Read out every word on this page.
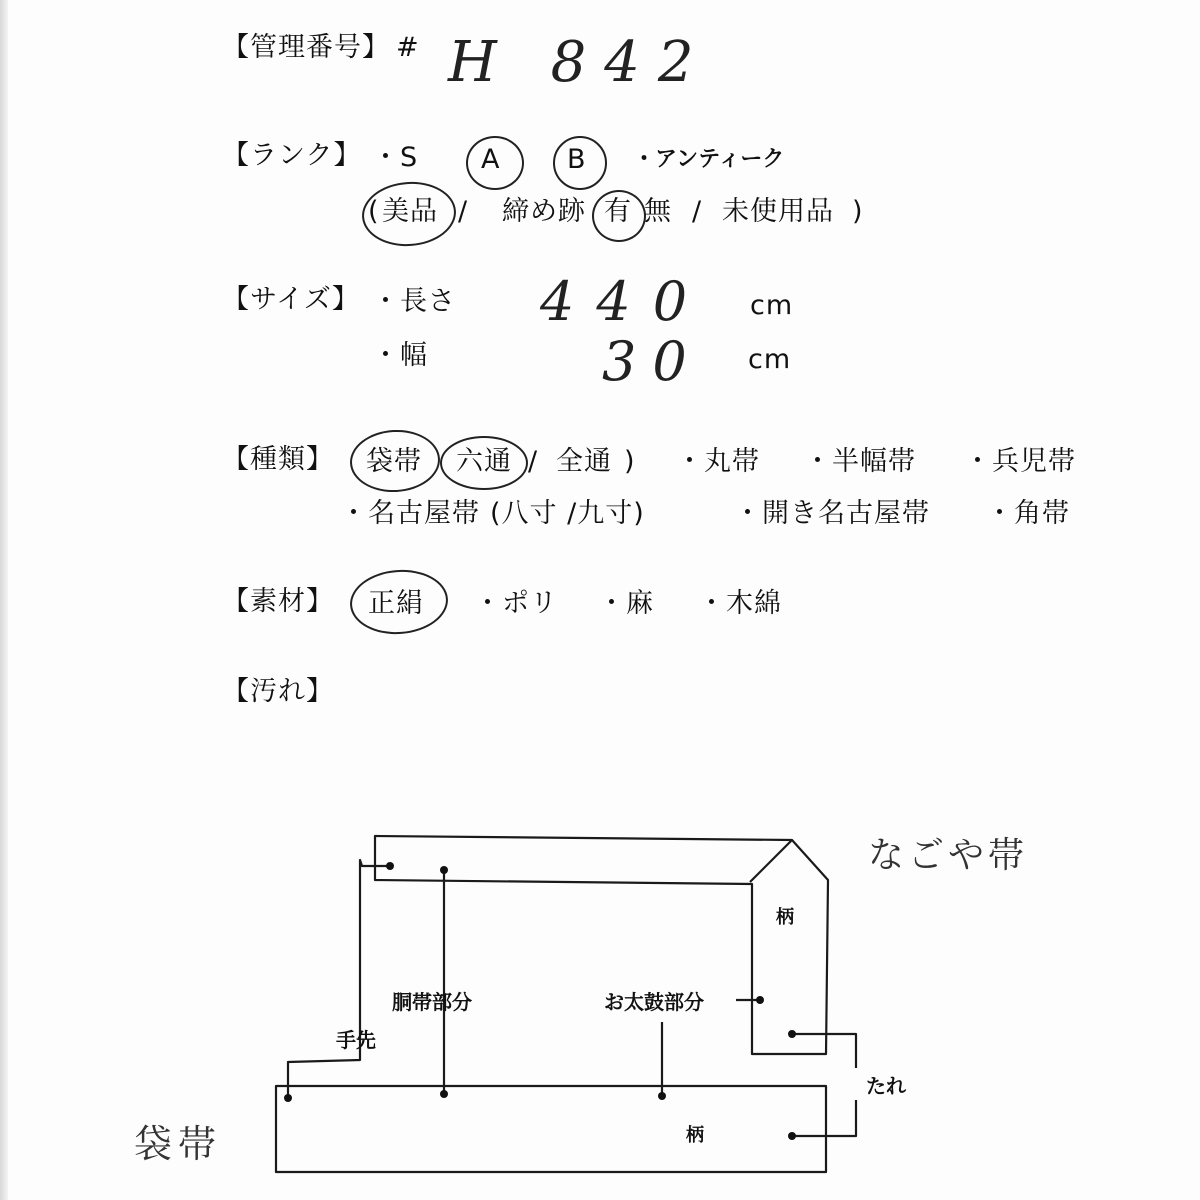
【管理番号】 # H 842
【ランク】 ・S A B ・アンティーク
( 美品 / 締め跡 有 無 / 未使用品 )
【サイズ】 ・長さ 440 cm
・幅	30 cm
【種類】 袋帯 六通 / 全通 ) ・丸帯 ・半幅帯 ・兵児帯
・名古屋帯 (八寸 /九寸)	・開き名古屋帯 ・角帯
【素材】 正絹 ・ポリ ・麻 ・木綿
【汚れ】
柄
胴帯部分	お太鼓部分
手先
たれ
柄
なごや帯
袋帯
